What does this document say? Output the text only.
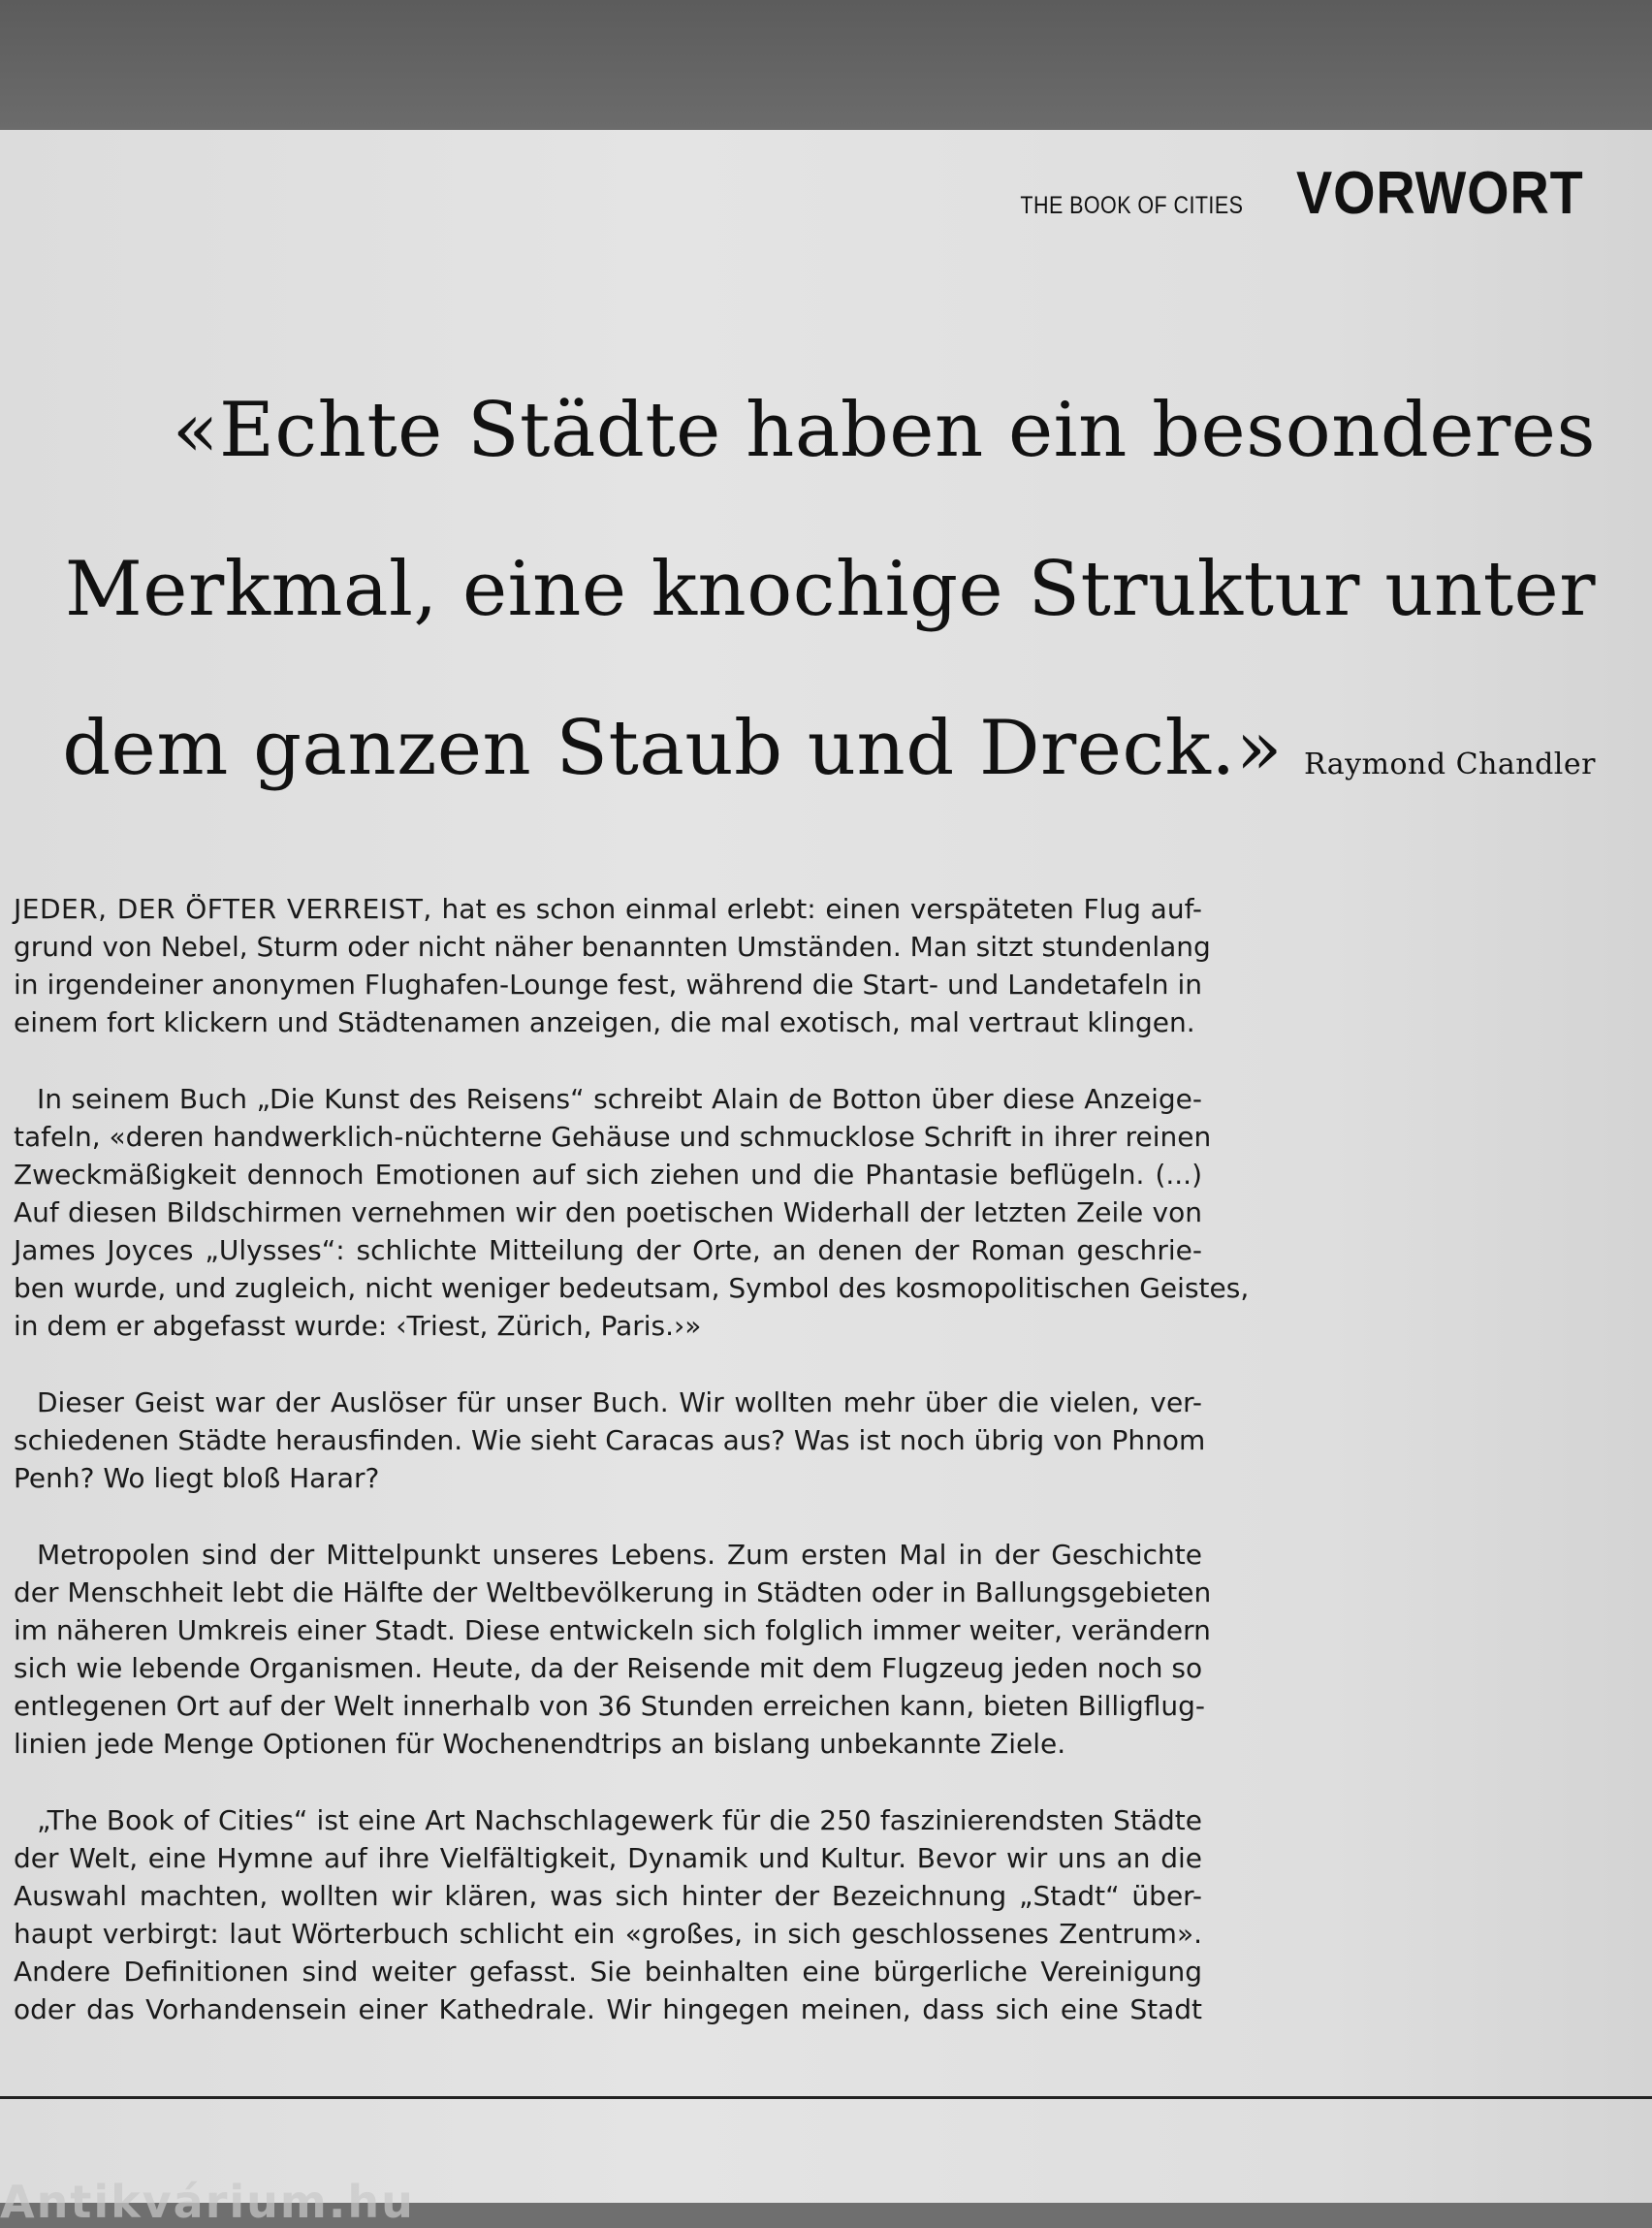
THE BOOK OF CITIES VORWORT
«Echte Städte haben ein besonderes
Merkmal, eine knochige Struktur unter
dem ganzen Staub und Dreck.» Raymond Chandler
JEDER, DER ÖFTER VERREIST, hat es schon einmal erlebt: einen verspäteten Flug auf-
grund von Nebel, Sturm oder nicht näher benannten Umständen. Man sitzt stundenlang
in irgendeiner anonymen Flughafen-Lounge fest, während die Start- und Landetafeln in
einem fort klickern und Städtenamen anzeigen, die mal exotisch, mal vertraut klingen.
In seinem Buch „Die Kunst des Reisens“ schreibt Alain de Botton über diese Anzeige-
tafeln, «deren handwerklich-nüchterne Gehäuse und schmucklose Schrift in ihrer reinen
Zweckmäßigkeit dennoch Emotionen auf sich ziehen und die Phantasie beflügeln. (...)
Auf diesen Bildschirmen vernehmen wir den poetischen Widerhall der letzten Zeile von
James Joyces „Ulysses“: schlichte Mitteilung der Orte, an denen der Roman geschrie-
ben wurde, und zugleich, nicht weniger bedeutsam, Symbol des kosmopolitischen Geistes,
in dem er abgefasst wurde: ‹Triest, Zürich, Paris.›»
Dieser Geist war der Auslöser für unser Buch. Wir wollten mehr über die vielen, ver-
schiedenen Städte herausfinden. Wie sieht Caracas aus? Was ist noch übrig von Phnom
Penh? Wo liegt bloß Harar?
Metropolen sind der Mittelpunkt unseres Lebens. Zum ersten Mal in der Geschichte
der Menschheit lebt die Hälfte der Weltbevölkerung in Städten oder in Ballungsgebieten
im näheren Umkreis einer Stadt. Diese entwickeln sich folglich immer weiter, verändern
sich wie lebende Organismen. Heute, da der Reisende mit dem Flugzeug jeden noch so
entlegenen Ort auf der Welt innerhalb von 36 Stunden erreichen kann, bieten Billigflug-
linien jede Menge Optionen für Wochenendtrips an bislang unbekannte Ziele.
„The Book of Cities“ ist eine Art Nachschlagewerk für die 250 faszinierendsten Städte
der Welt, eine Hymne auf ihre Vielfältigkeit, Dynamik und Kultur. Bevor wir uns an die
Auswahl machten, wollten wir klären, was sich hinter der Bezeichnung „Stadt“ über-
haupt verbirgt: laut Wörterbuch schlicht ein «großes, in sich geschlossenes Zentrum».
Andere Definitionen sind weiter gefasst. Sie beinhalten eine bürgerliche Vereinigung
oder das Vorhandensein einer Kathedrale. Wir hingegen meinen, dass sich eine Stadt
Antikvárium.hu
